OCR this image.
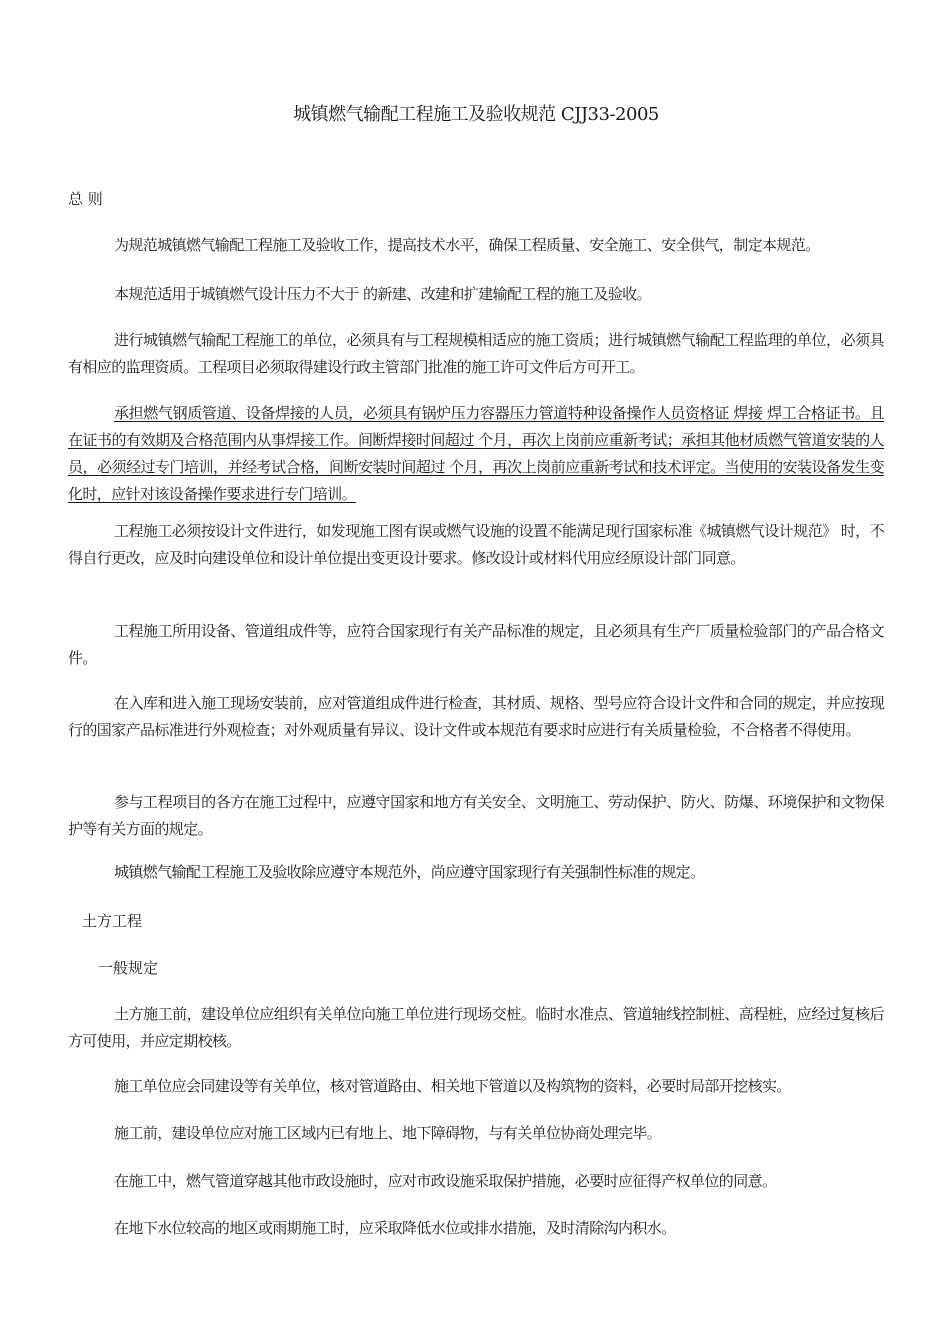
城镇燃气输配工程施工及验收规范 CJJ33-2005
总 则

为规范城镇燃气输配工程施工及验收工作，提高技术水平，确保工程质量、安全施工、安全供气，制定本规范。

本规范适用于城镇燃气设计压力不大于 的新建、改建和扩建输配工程的施工及验收。

进行城镇燃气输配工程施工的单位，必须具有与工程规模相适应的施工资质；进行城镇燃气输配工程监理的单位，必须具有相应的监理资质。工程项目必须取得建设行政主管部门批准的施工许可文件后方可开工。

承担燃气钢质管道、设备焊接的人员，必须具有锅炉压力容器压力管道特种设备操作人员资格证 焊接 焊工合格证书。且在证书的有效期及合格范围内从事焊接工作。间断焊接时间超过 个月，再次上岗前应重新考试；承担其他材质燃气管道安装的人员，必须经过专门培训，并经考试合格，间断安装时间超过 个月，再次上岗前应重新考试和技术评定。当使用的安装设备发生变化时，应针对该设备操作要求进行专门培训。

工程施工必须按设计文件进行，如发现施工图有误或燃气设施的设置不能满足现行国家标准《城镇燃气设计规范》 时，不得自行更改，应及时向建设单位和设计单位提出变更设计要求。修改设计或材料代用应经原设计部门同意。

工程施工所用设备、管道组成件等，应符合国家现行有关产品标准的规定，且必须具有生产厂质量检验部门的产品合格文件。

在入库和进入施工现场安装前，应对管道组成件进行检查，其材质、规格、型号应符合设计文件和合同的规定，并应按现行的国家产品标准进行外观检查；对外观质量有异议、设计文件或本规范有要求时应进行有关质量检验，不合格者不得使用。

参与工程项目的各方在施工过程中，应遵守国家和地方有关安全、文明施工、劳动保护、防火、防爆、环境保护和文物保护等有关方面的规定。

城镇燃气输配工程施工及验收除应遵守本规范外，尚应遵守国家现行有关强制性标准的规定。

土方工程
一般规定

土方施工前，建设单位应组织有关单位向施工单位进行现场交桩。临时水准点、管道轴线控制桩、高程桩，应经过复核后方可使用，并应定期校核。

施工单位应会同建设等有关单位，核对管道路由、相关地下管道以及构筑物的资料，必要时局部开挖核实。

施工前，建设单位应对施工区域内已有地上、地下障碍物，与有关单位协商处理完毕。

在施工中，燃气管道穿越其他市政设施时，应对市政设施采取保护措施，必要时应征得产权单位的同意。

在地下水位较高的地区或雨期施工时，应采取降低水位或排水措施，及时清除沟内积水。
